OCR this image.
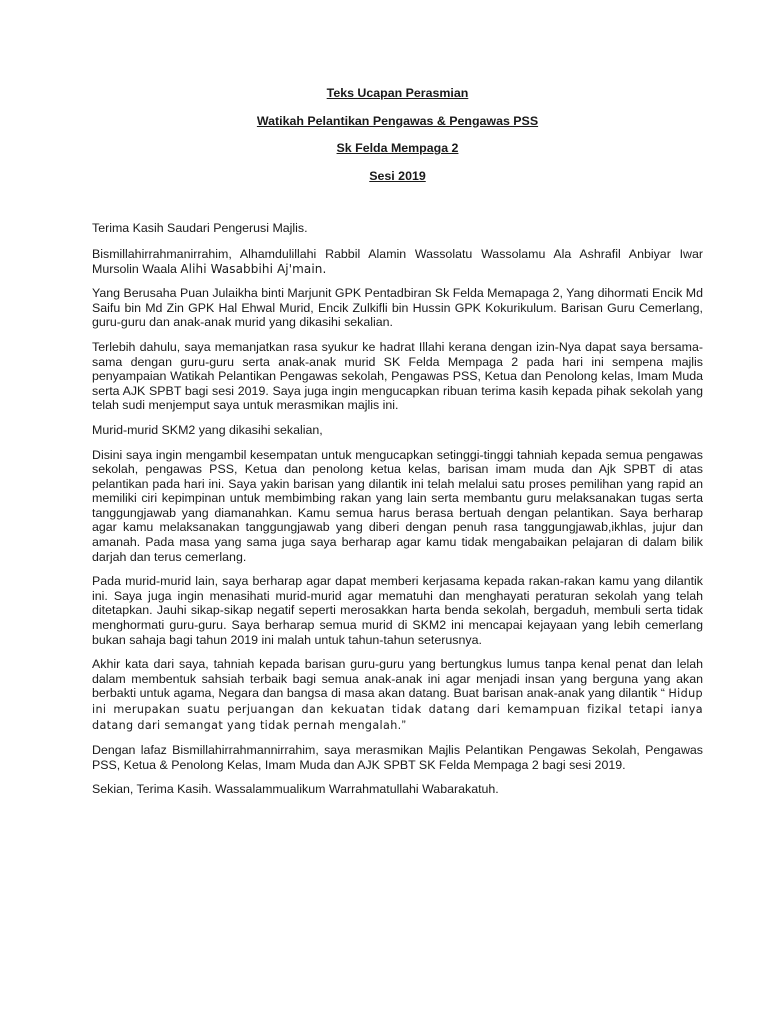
Teks Ucapan Perasmian

Watikah Pelantikan Pengawas & Pengawas PSS

Sk Felda Mempaga 2

Sesi 2019

Terima Kasih Saudari Pengerusi Majlis.

Bismillahirrahmanirrahim, Alhamdulillahi Rabbil Alamin Wassolatu Wassolamu Ala Ashrafil Anbiyar Iwar Mursolin Waala Alihi Wasabbihi Aj'main.

Yang Berusaha Puan Julaikha binti Marjunit GPK Pentadbiran Sk Felda Memapaga 2, Yang dihormati Encik Md Saifu bin Md Zin GPK Hal Ehwal Murid, Encik Zulkifli bin Hussin GPK Kokurikulum. Barisan Guru Cemerlang, guru-guru dan anak-anak murid yang dikasihi sekalian.

Terlebih dahulu, saya memanjatkan rasa syukur ke hadrat Illahi kerana dengan izin-Nya dapat saya bersama-sama dengan guru-guru serta anak-anak murid SK Felda Mempaga 2 pada hari ini sempena majlis penyampaian Watikah Pelantikan Pengawas sekolah, Pengawas PSS, Ketua dan Penolong kelas, Imam Muda serta AJK SPBT bagi sesi 2019. Saya juga ingin mengucapkan ribuan terima kasih kepada pihak sekolah yang telah sudi menjemput saya untuk merasmikan majlis ini.

Murid-murid SKM2 yang dikasihi sekalian,

Disini saya ingin mengambil kesempatan untuk mengucapkan setinggi-tinggi tahniah kepada semua pengawas sekolah, pengawas PSS, Ketua dan penolong ketua kelas, barisan imam muda dan Ajk SPBT di atas pelantikan pada hari ini. Saya yakin barisan yang dilantik ini telah melalui satu proses pemilihan yang rapid an memiliki ciri kepimpinan untuk membimbing rakan yang lain serta membantu guru melaksanakan tugas serta tanggungjawab yang diamanahkan. Kamu semua harus berasa bertuah dengan pelantikan. Saya berharap agar kamu melaksanakan tanggungjawab yang diberi dengan penuh rasa tanggungjawab,ikhlas, jujur dan amanah. Pada masa yang sama juga saya berharap agar kamu tidak mengabaikan pelajaran di dalam bilik darjah dan terus cemerlang.

Pada murid-murid lain, saya berharap agar dapat memberi kerjasama kepada rakan-rakan kamu yang dilantik ini. Saya juga ingin menasihati murid-murid agar mematuhi dan menghayati peraturan sekolah yang telah ditetapkan. Jauhi sikap-sikap negatif seperti merosakkan harta benda sekolah, bergaduh, membuli serta tidak menghormati guru-guru. Saya berharap semua murid di SKM2 ini mencapai kejayaan yang lebih cemerlang bukan sahaja bagi tahun 2019 ini malah untuk tahun-tahun seterusnya.

Akhir kata dari saya, tahniah kepada barisan guru-guru yang bertungkus lumus tanpa kenal penat dan lelah dalam membentuk sahsiah terbaik bagi semua anak-anak ini agar menjadi insan yang berguna yang akan berbakti untuk agama, Negara dan bangsa di masa akan datang. Buat barisan anak-anak yang dilantik “ Hidup ini merupakan suatu perjuangan dan kekuatan tidak datang dari kemampuan fizikal tetapi ianya datang dari semangat yang tidak pernah mengalah.”

Dengan lafaz Bismillahirrahmannirrahim, saya merasmikan Majlis Pelantikan Pengawas Sekolah, Pengawas PSS, Ketua & Penolong Kelas, Imam Muda dan AJK SPBT SK Felda Mempaga 2 bagi sesi 2019.

Sekian, Terima Kasih. Wassalammualikum Warrahmatullahi Wabarakatuh.
